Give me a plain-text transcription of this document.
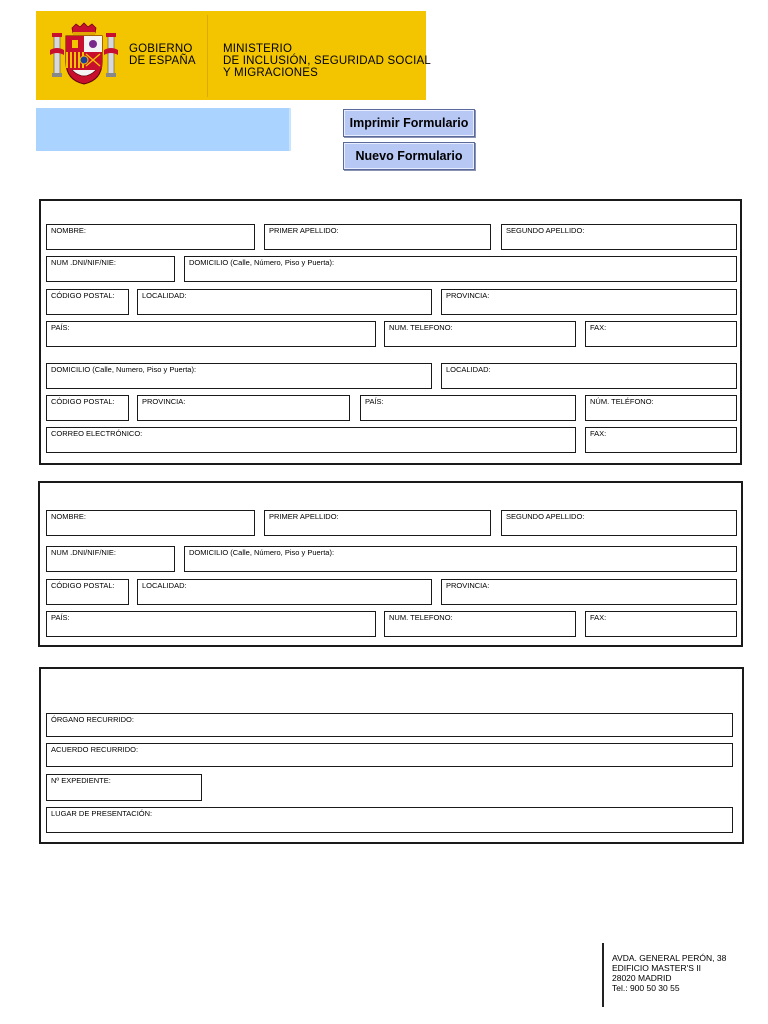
GOBIERNO
DE ESPAÑA
MINISTERIO
DE INCLUSIÓN, SEGURIDAD SOCIAL
Y MIGRACIONES
Imprimir Formulario
Nuevo Formulario
NOMBRE:	PRIMER APELLIDO:	SEGUNDO APELLIDO:
NUM .DNI/NIF/NIE:	DOMICILIO (Calle, Número, Piso y Puerta):
CÓDIGO POSTAL:	LOCALIDAD:	PROVINCIA:
PAÍS:	NUM. TELEFONO:	FAX:
DOMICILIO (Calle, Numero, Piso y Puerta):	LOCALIDAD:
CÓDIGO POSTAL:	PROVINCIA:	PAÍS:	NÚM. TELÉFONO:
CORREO ELECTRÓNICO:	FAX:
NOMBRE:	PRIMER APELLIDO:	SEGUNDO APELLIDO:
NUM .DNI/NIF/NIE:	DOMICILIO (Calle, Número, Piso y Puerta):
CÓDIGO POSTAL:	LOCALIDAD:	PROVINCIA:
PAÍS:	NUM. TELEFONO:	FAX:
ÓRGANO RECURRIDO:
ACUERDO RECURRIDO:
Nº EXPEDIENTE:
LUGAR DE PRESENTACIÓN:
AVDA. GENERAL PERÓN, 38
EDIFICIO MASTER'S II
28020 MADRID
Tel.: 900 50 30 55
